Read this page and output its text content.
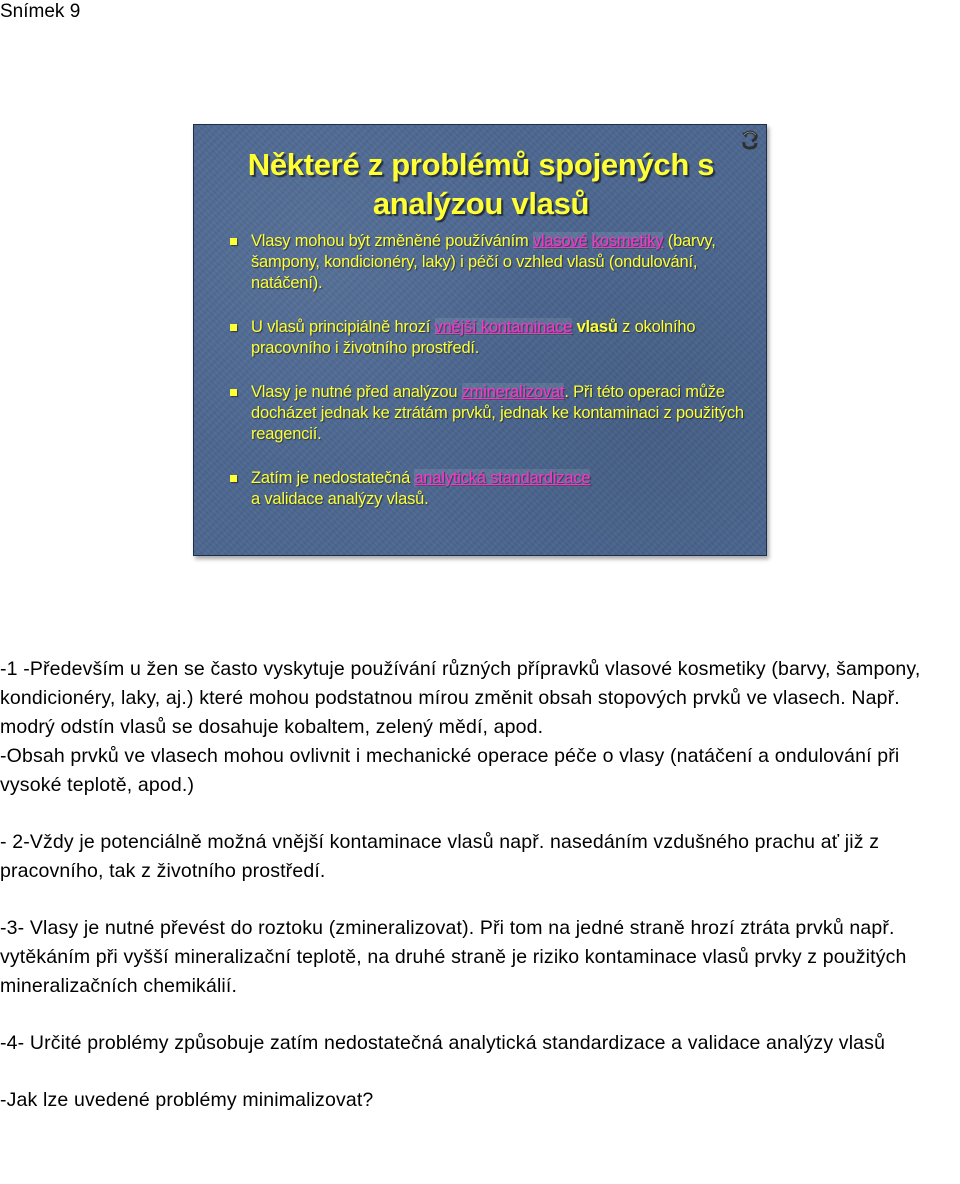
Snímek 9
Některé z problémů spojených s
analýzou vlasů
Vlasy mohou být změněné používáním vlasové kosmetiky (barvy, šampony, kondicionéry, laky) i péčí o vzhled vlasů (ondulování, natáčení).
U vlasů principiálně hrozí vnější kontaminace vlasů z okolního pracovního i životního prostředí.
Vlasy je nutné před analýzou zmineralizovat. Při této operaci může docházet jednak ke ztrátám prvků, jednak ke kontaminaci z použitých reagencií.
Zatím je nedostatečná analytická standardizace
a validace analýzy vlasů.

-1 -Především u žen se často vyskytuje používání různých přípravků vlasové kosmetiky (barvy, šampony, kondicionéry, laky, aj.) které mohou podstatnou mírou změnit obsah stopových prvků ve vlasech. Např. modrý odstín vlasů se dosahuje kobaltem, zelený mědí, apod.

-Obsah prvků ve vlasech mohou ovlivnit i mechanické operace péče o vlasy (natáčení a ondulování při vysoké teplotě, apod.)

- 2-Vždy je potenciálně možná vnější kontaminace vlasů např. nasedáním vzdušného prachu ať již z pracovního, tak z životního prostředí.

-3- Vlasy je nutné převést do roztoku (zmineralizovat). Při tom na jedné straně hrozí ztráta prvků např. vytěkáním při vyšší mineralizační teplotě, na druhé straně je riziko kontaminace vlasů prvky z použitých mineralizačních chemikálií.

-4- Určité problémy způsobuje zatím nedostatečná analytická standardizace a validace analýzy vlasů

-Jak lze uvedené problémy minimalizovat?
